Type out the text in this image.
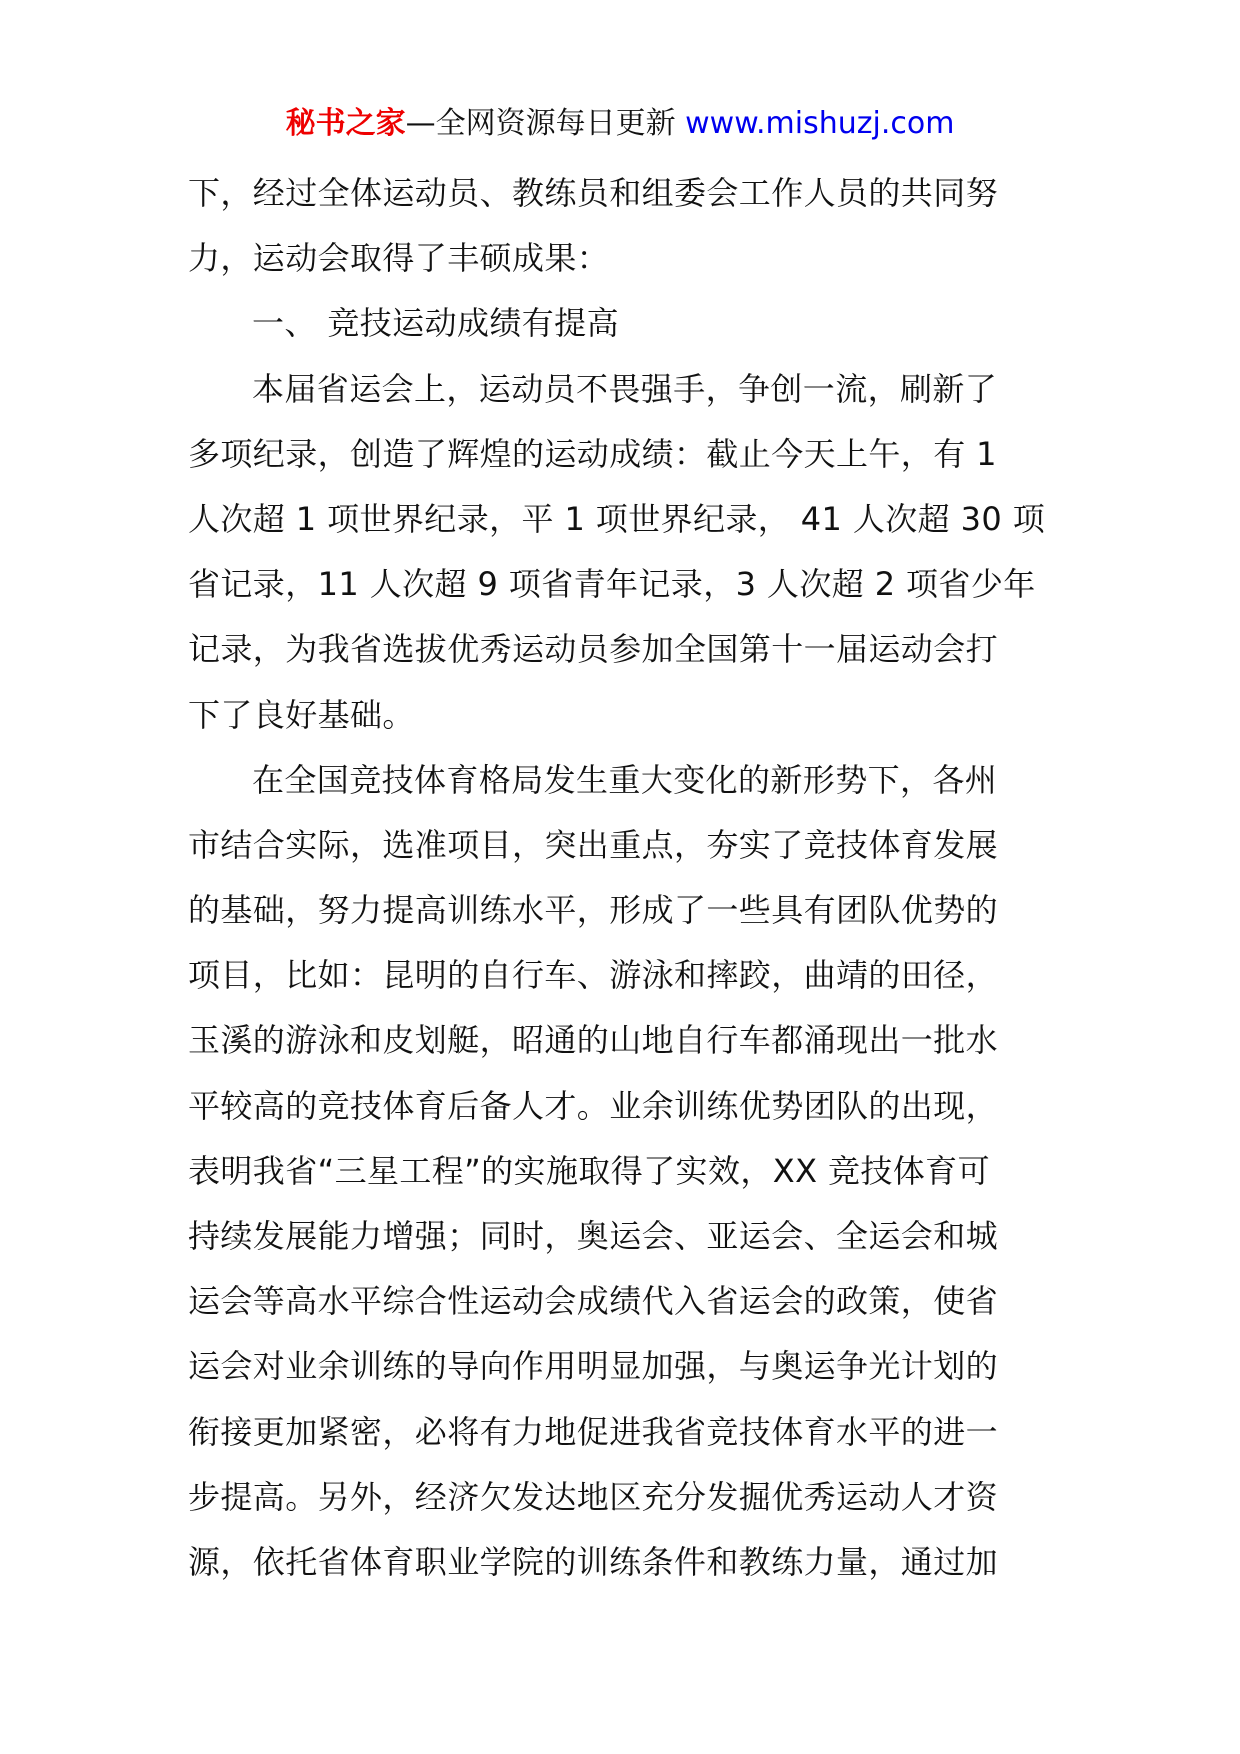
秘书之家—全网资源每日更新 www.mishuzj.com
下，经过全体运动员、教练员和组委会工作人员的共同努
力，运动会取得了丰硕成果：
一、 竞技运动成绩有提高
本届省运会上，运动员不畏强手，争创一流，刷新了
多项纪录，创造了辉煌的运动成绩：截止今天上午，有 1
人次超 1 项世界纪录，平 1 项世界纪录， 41 人次超 30 项
省记录，11 人次超 9 项省青年记录，3 人次超 2 项省少年
记录，为我省选拔优秀运动员参加全国第十一届运动会打
下了良好基础。
在全国竞技体育格局发生重大变化的新形势下，各州
市结合实际，选准项目，突出重点，夯实了竞技体育发展
的基础，努力提高训练水平，形成了一些具有团队优势的
项目，比如：昆明的自行车、游泳和摔跤，曲靖的田径，
玉溪的游泳和皮划艇，昭通的山地自行车都涌现出一批水
平较高的竞技体育后备人才。业余训练优势团队的出现，
表明我省“三星工程”的实施取得了实效，XX 竞技体育可
持续发展能力增强；同时，奥运会、亚运会、全运会和城
运会等高水平综合性运动会成绩代入省运会的政策，使省
运会对业余训练的导向作用明显加强，与奥运争光计划的
衔接更加紧密，必将有力地促进我省竞技体育水平的进一
步提高。另外，经济欠发达地区充分发掘优秀运动人才资
源，依托省体育职业学院的训练条件和教练力量，通过加
